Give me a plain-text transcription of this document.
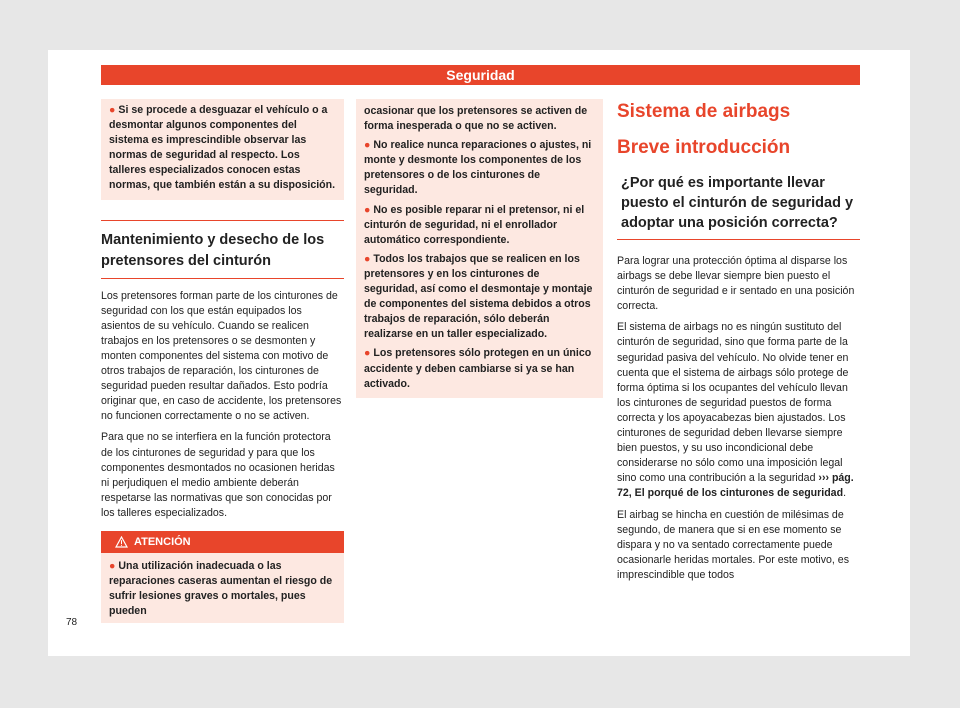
Seguridad

● Si se procede a desguazar el vehículo o a desmontar algunos componentes del sistema es imprescindible observar las normas de seguridad al respecto. Los talleres especializados conocen estas normas, que también están a su disposición.

Mantenimiento y desecho de los pretensores del cinturón

Los pretensores forman parte de los cinturones de seguridad con los que están equipados los asientos de su vehículo. Cuando se realicen trabajos en los pretensores o se desmonten y monten componentes del sistema con motivo de otros trabajos de reparación, los cinturones de seguridad pueden resultar dañados. Esto podría originar que, en caso de accidente, los pretensores no funcionen correctamente o no se activen.

Para que no se interfiera en la función protectora de los cinturones de seguridad y para que los componentes desmontados no ocasionen heridas ni perjudiquen el medio ambiente deberán respetarse las normativas que son conocidas por los talleres especializados.

ATENCIÓN
● Una utilización inadecuada o las reparaciones caseras aumentan el riesgo de sufrir lesiones graves o mortales, pues pueden

ocasionar que los pretensores se activen de forma inesperada o que no se activen.

● No realice nunca reparaciones o ajustes, ni monte y desmonte los componentes de los pretensores o de los cinturones de seguridad.

● No es posible reparar ni el pretensor, ni el cinturón de seguridad, ni el enrollador automático correspondiente.

● Todos los trabajos que se realicen en los pretensores y en los cinturones de seguridad, así como el desmontaje y montaje de componentes del sistema debidos a otros trabajos de reparación, sólo deberán realizarse en un taller especializado.

● Los pretensores sólo protegen en un único accidente y deben cambiarse si ya se han activado.

Sistema de airbags
Breve introducción
¿Por qué es importante llevar puesto el cinturón de seguridad y adoptar una posición correcta?

Para lograr una protección óptima al disparse los airbags se debe llevar siempre bien puesto el cinturón de seguridad e ir sentado en una posición correcta.

El sistema de airbags no es ningún sustituto del cinturón de seguridad, sino que forma parte de la seguridad pasiva del vehículo. No olvide tener en cuenta que el sistema de airbags sólo protege de forma óptima si los ocupantes del vehículo llevan los cinturones de seguridad puestos de forma correcta y los apoyacabezas bien ajustados. Los cinturones de seguridad deben llevarse siempre bien puestos, y su uso incondicional debe considerarse no sólo como una imposición legal sino como una contribución a la seguridad ››› pág. 72, El porqué de los cinturones de seguridad.

El airbag se hincha en cuestión de milésimas de segundo, de manera que si en ese momento se dispara y no va sentado correctamente puede ocasionarle heridas mortales. Por este motivo, es imprescindible que todos

78
